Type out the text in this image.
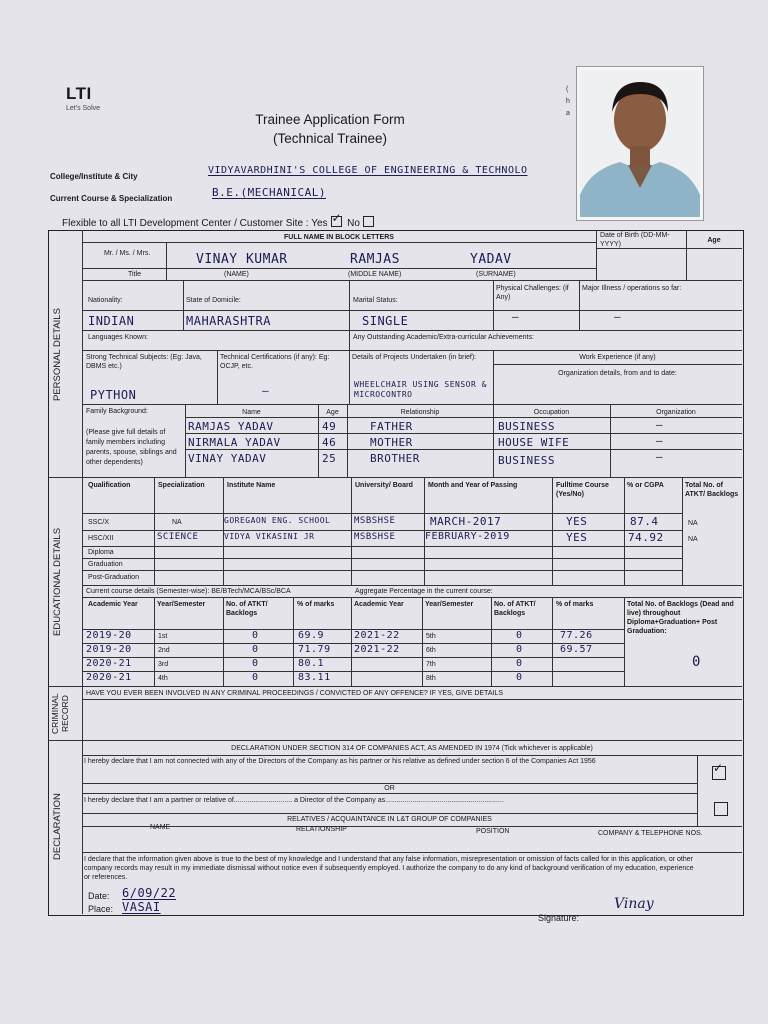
LTI
Let's Solve
Trainee Application Form
(Technical Trainee)
(
h
a
College/Institute & City
VIDYAVARDHINI'S COLLEGE OF ENGINEERING & TECHNOLO
Current Course & Specialization	B.E.(MECHANICAL)
Flexible to all LTI Development Center / Customer Site : Yes✓ No
PERSONAL DETAILS
EDUCATIONAL DETAILS
CRIMINAL RECORD
DECLARATION
FULL NAME IN BLOCK LETTERS	Date of Birth (DD-MM-YYYY)
Age
Mr. / Ms. / Mrs.	VINAY KUMAR	RAMJAS	YADAV
Title	(NAME)	(MIDDLE NAME)	(SURNAME)
Nationality:	State of Domicile:	Marital Status:
Physical Challenges: (if Any)
Major Illness / operations so far:
INDIAN	MAHARASHTRA	SINGLE	—	—
Languages Known:	Any Outstanding Academic/Extra-curricular Achievements:
Strong Technical Subjects: (Eg: Java, DBMS etc.)
Technical Certifications (if any): Eg: OCJP, etc.
Details of Projects Undertaken (in brief):	Work Experience (if any)
Organization details, from and to date:
PYTHON	—	WHEELCHAIR USING SENSOR & MICROCONTRO
Family Background:
(Please give full details of family members including parents, spouse, siblings and other dependents)
Name	Age	Relationship	Occupation	Organization
RAMJAS YADAV	49	FATHER	BUSINESS	—
NIRMALA YADAV	46	MOTHER	HOUSE WIFE	—
VINAY YADAV	25	BROTHER	BUSINESS	—
Qualification	Specialization	Institute Name	University/ Board	Month and Year of Passing	Fulltime Course (Yes/No)
% or CGPA	Total No. of ATKT/ Backlogs
SSC/X	NA	GOREGAON ENG. SCHOOL	MSBSHSE	MARCH-2017	YES	87.4	NA
HSC/XII	SCIENCE	VIDYA VIKASINI JR	MSBSHSE	FEBRUARY-2019	YES	74.92	NA
Diploma
Graduation
Post-Graduation
Current course details (Semester-wise): BE/BTech/MCA/BSc/BCA	Aggregate Percentage in the current course:
Academic Year	Year/Semester	No. of ATKT/ Backlogs
% of marks	Academic Year	Year/Semester	No. of ATKT/ Backlogs
% of marks	Total No. of Backlogs (Dead and live) throughout Diploma+Graduation+ Post Graduation:
0
2019-20	1st	0	69.9	2021-22	5th	0	77.26
2019-20	2nd	0	71.79 2021-22	6th	0	69.57
2020-21	3rd	0	80.1	7th	0
2020-21	4th	0	83.11	8th	0
HAVE YOU EVER BEEN INVOLVED IN ANY CRIMINAL PROCEEDINGS / CONVICTED OF ANY OFFENCE? IF YES, GIVE DETAILS
DECLARATION UNDER SECTION 314 OF COMPANIES ACT, AS AMENDED IN 1974 (Tick whichever is applicable)
I hereby declare that I am not connected with any of the Directors of the Company as his partner or his relative as defined under section 6 of the Companies Act 1956
✓
OR
I hereby declare that I am a partner or relative of.............................. a Director of the Company as.............................................................
RELATIVES / ACQUAINTANCE IN L&T GROUP OF COMPANIES
NAME	RELATIONSHIP	POSITION	COMPANY & TELEPHONE NOS.
I declare that the information given above is true to the best of my knowledge and I understand that any false information, misrepresentation or omission of facts called for in this application, or other company records may result in my immediate dismissal without notice even if subsequently employed. I authorize the company to do any kind of background verification of my education, experience or references.
Date: 6/09/22
Place: VASAI
Signature:
Vinay
